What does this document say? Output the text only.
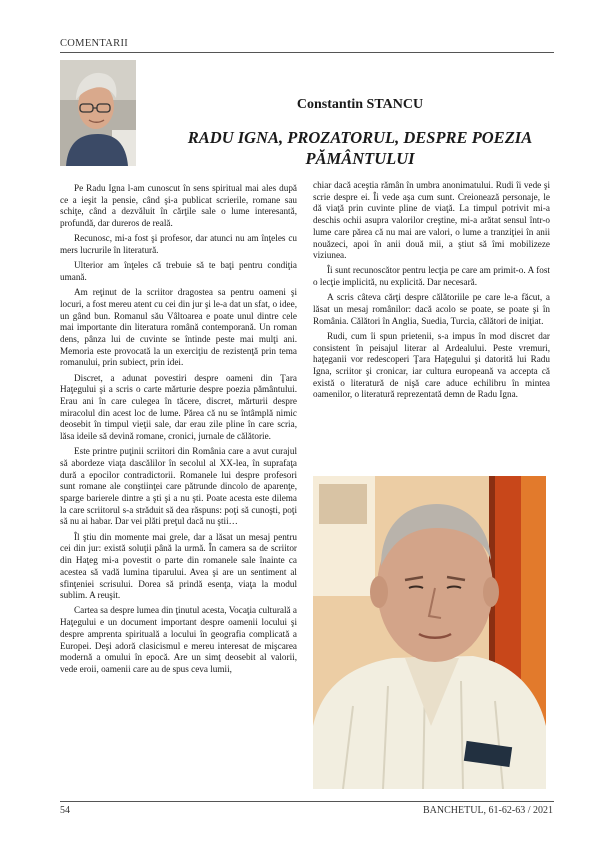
COMENTARII
Constantin STANCU
RADU IGNA, PROZATORUL, DESPRE POEZIA PĂMÂNTULUI

Pe Radu Igna l-am cunoscut în sens spiritual mai ales după ce a ieşit la pensie, când şi-a publicat scrierile, romane sau schiţe, când a dezvăluit în cărţile sale o lume interesantă, profundă, dar dureros de reală.

Recunosc, mi-a fost şi profesor, dar atunci nu am înţeles cu mers lucrurile în literatură.

Ulterior am înţeles că trebuie să te baţi pentru condiţia umană.

Am reţinut de la scriitor dragostea sa pentru oameni şi locuri, a fost mereu atent cu cei din jur şi le-a dat un sfat, o idee, un gând bun. Romanul său Vâltoarea e poate unul dintre cele mai importante din literatura română contemporană. Un roman dens, pânza lui de cuvinte se întinde peste mai mulţi ani. Memoria este provocată la un exerciţiu de rezistenţă prin tema romanului, prin subiect, prin idei.

Discret, a adunat povestiri despre oameni din Ţara Haţegului şi a scris o carte mărturie despre poezia pământului. Erau ani în care culegea în tăcere, discret, mărturii despre miracolul din acest loc de lume. Părea că nu se întâmplă nimic deosebit în timpul vieţii sale, dar erau zile pline în care scria, lăsa ideile să devină romane, cronici, jurnale de călătorie.

Este printre puţinii scriitori din România care a avut curajul să abordeze viaţa dascălilor în secolul al XX-lea, în suprafaţa dură a epocilor contradictorii. Romanele lui despre profesori sunt romane ale conştiinţei care pătrunde dincolo de aparenţe, sparge barierele dintre a şti şi a nu şti. Poate acesta este dilema la care scriitorul s-a străduit să dea răspuns: poţi să cunoşti, poţi să nu ai habar. Dar vei plăti preţul dacă nu ştii…

Îl ştiu din momente mai grele, dar a lăsat un mesaj pentru cei din jur: există soluţii până la urmă. În camera sa de scriitor din Haţeg mi-a povestit o parte din romanele sale înainte ca acestea să vadă lumina tiparului. Avea şi are un sentiment al sfinţeniei scrisului. Dorea să prindă esenţa, viaţa la modul sublim. A reuşit.

Cartea sa despre lumea din ţinutul acesta, Vocaţia culturală a Haţegului e un document important despre oamenii locului şi despre amprenta spirituală a locului în geografia complicată a Europei. Deşi adoră clasicismul e mereu interesat de mişcarea modernă a omului în epocă. Are un simţ deosebit al valorii, vede eroii, oamenii care au de spus ceva lumii,

chiar dacă aceştia rămân în umbra anonimatului. Rudi îi vede şi scrie despre ei. Îi vede aşa cum sunt. Creionează personaje, le dă viaţă prin cuvinte pline de viaţă. La timpul potrivit mi-a deschis ochii asupra valorilor creştine, mi-a arătat sensul într-o lume care părea că nu mai are valori, o lume a tranziţiei în anii nouăzeci, apoi în anii două mii, a ştiut să îmi mobilizeze viziunea.

Îi sunt recunoscător pentru lecţia pe care am primit-o. A fost o lecţie implicită, nu explicită. Dar necesară.

A scris câteva cărţi despre călătoriile pe care le-a făcut, a lăsat un mesaj românilor: dacă acolo se poate, se poate şi în România. Călători în Anglia, Suedia, Turcia, călători de iniţiat.

Rudi, cum îi spun prietenii, s-a impus în mod discret dar consistent în peisajul literar al Ardealului. Peste vremuri, haţeganii vor redescoperi Ţara Haţegului şi datorită lui Radu Igna, scriitor şi cronicar, iar cultura europeană va accepta că există o literatură de nişă care aduce echilibru în mintea oamenilor, o literatură reprezentată demn de Radu Igna.

54	BANCHETUL, 61-62-63 / 2021
